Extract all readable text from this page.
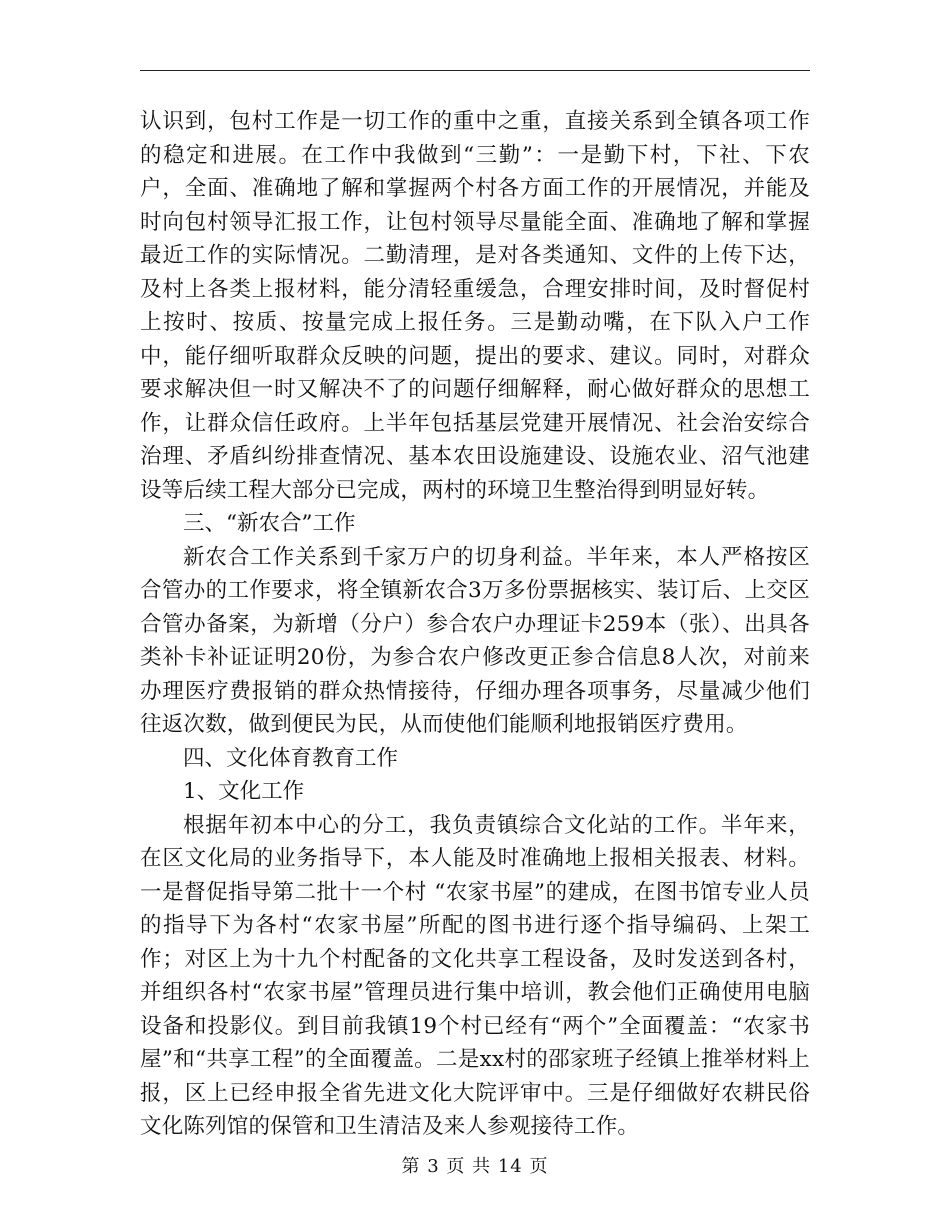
认识到，包村工作是一切工作的重中之重，直接关系到全镇各项工作的稳定和进展。在工作中我做到“三勤”：一是勤下村，下社、下农户，全面、准确地了解和掌握两个村各方面工作的开展情况，并能及时向包村领导汇报工作，让包村领导尽量能全面、准确地了解和掌握最近工作的实际情况。二勤清理，是对各类通知、文件的上传下达，及村上各类上报材料，能分清轻重缓急，合理安排时间，及时督促村上按时、按质、按量完成上报任务。三是勤动嘴，在下队入户工作中，能仔细听取群众反映的问题，提出的要求、建议。同时，对群众要求解决但一时又解决不了的问题仔细解释，耐心做好群众的思想工作，让群众信任政府。上半年包括基层党建开展情况、社会治安综合治理、矛盾纠纷排查情况、基本农田设施建设、设施农业、沼气池建设等后续工程大部分已完成，两村的环境卫生整治得到明显好转。

三、“新农合”工作

新农合工作关系到千家万户的切身利益。半年来，本人严格按区合管办的工作要求，将全镇新农合3万多份票据核实、装订后、上交区合管办备案，为新增（分户）参合农户办理证卡259本（张）、出具各类补卡补证证明20份，为参合农户修改更正参合信息8人次，对前来办理医疗费报销的群众热情接待，仔细办理各项事务，尽量减少他们往返次数，做到便民为民，从而使他们能顺利地报销医疗费用。

四、文化体育教育工作

1、文化工作

根据年初本中心的分工，我负责镇综合文化站的工作。半年来，在区文化局的业务指导下，本人能及时准确地上报相关报表、材料。一是督促指导第二批十一个村 “农家书屋”的建成，在图书馆专业人员的指导下为各村“农家书屋”所配的图书进行逐个指导编码、上架工作；对区上为十九个村配备的文化共享工程设备，及时发送到各村，并组织各村“农家书屋”管理员进行集中培训，教会他们正确使用电脑设备和投影仪。到目前我镇19个村已经有“两个”全面覆盖：“农家书屋”和“共享工程”的全面覆盖。二是xx村的邵家班子经镇上推举材料上报，区上已经申报全省先进文化大院评审中。三是仔细做好农耕民俗文化陈列馆的保管和卫生清洁及来人参观接待工作。

第 3 页 共 14 页
